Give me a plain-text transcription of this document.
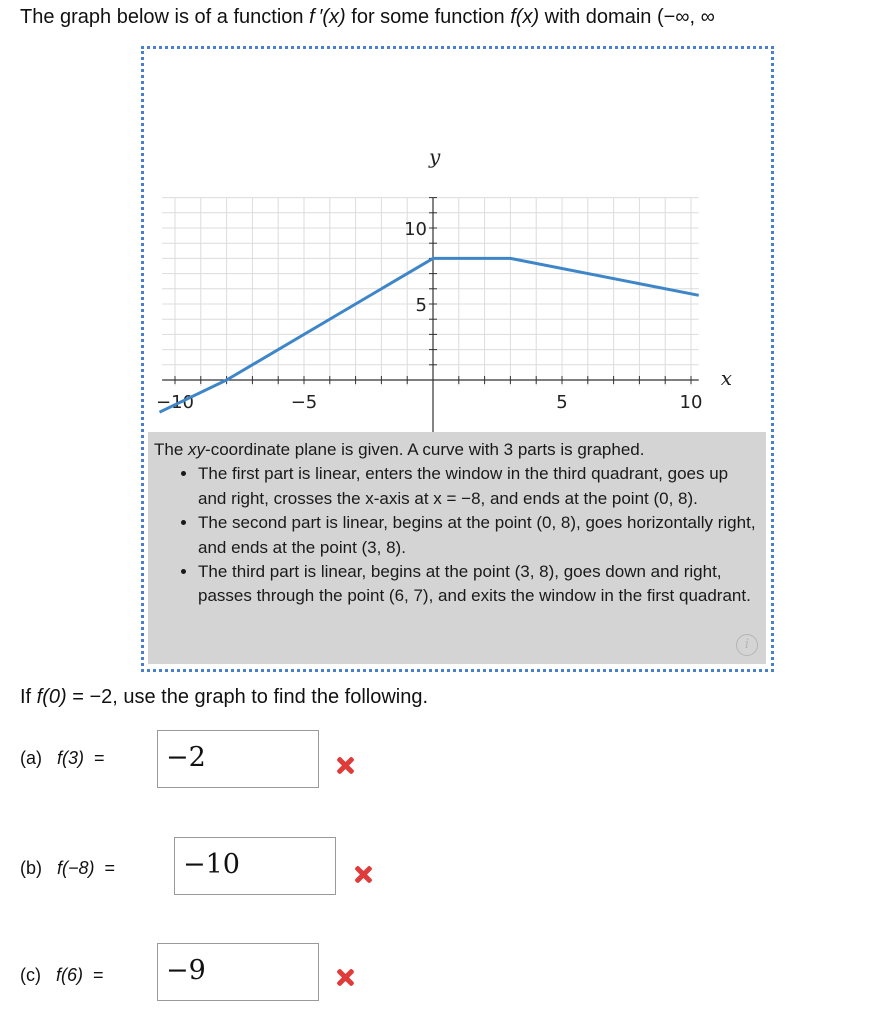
The graph below is of a function f ′(x) for some function f(x) with domain (−∞, ∞
x
y
−10	−5	5	10
5
10
The xy-coordinate plane is given. A curve with 3 parts is graphed.
• The first part is linear, enters the window in the third quadrant, goes up and right, crosses the x-axis at x = −8, and ends at the point (0, 8).
• The second part is linear, begins at the point (0, 8), goes horizontally right, and ends at the point (3, 8).
• The third part is linear, begins at the point (3, 8), goes down and right, passes through the point (6, 7), and exits the window in the first quadrant.
i
If f(0) = −2, use the graph to find the following.
(a) f(3) =	−2
(b) f(−8) =	−10
(c) f(6) =	−9
